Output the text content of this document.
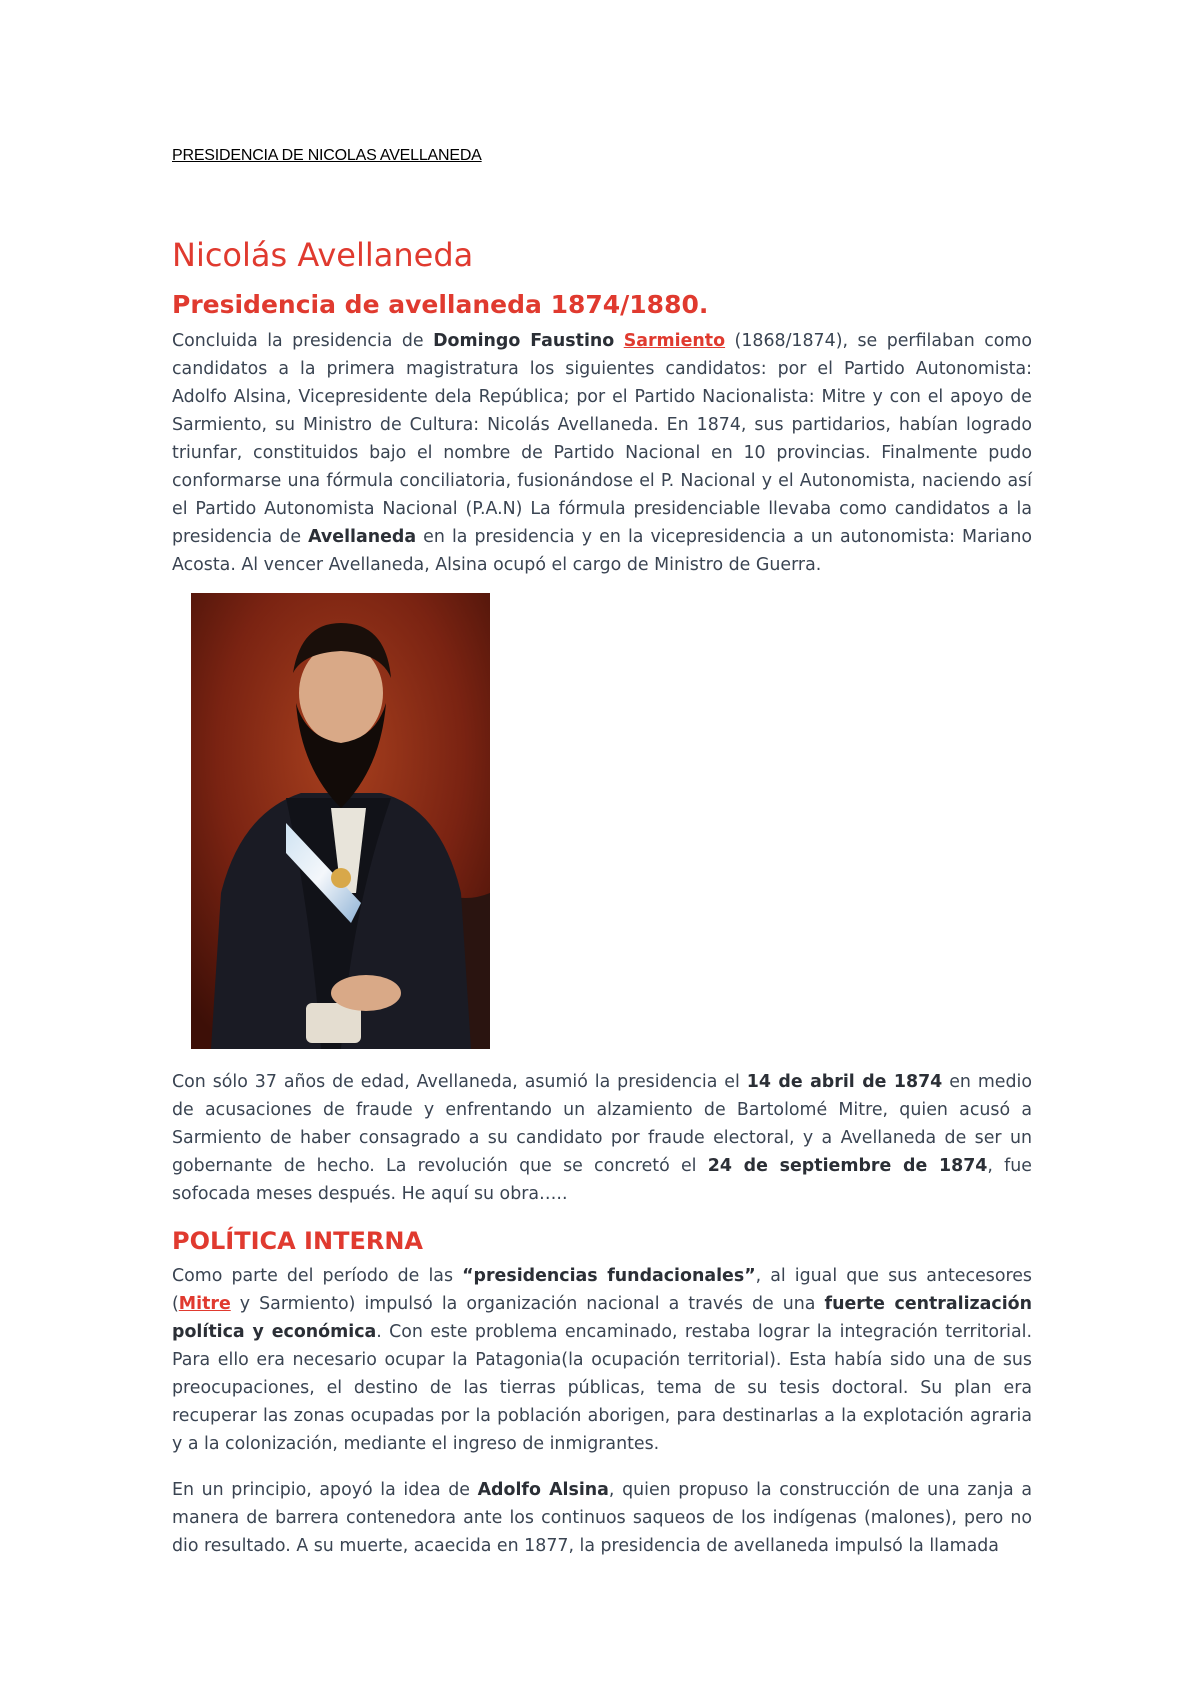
PRESIDENCIA DE NICOLAS AVELLANEDA
Nicolás Avellaneda
Presidencia de avellaneda 1874/1880.

Concluida la presidencia de Domingo Faustino Sarmiento (1868/1874), se perfilaban como candidatos a la primera magistratura los siguientes candidatos: por el Partido Autonomista: Adolfo Alsina, Vicepresidente dela República; por el Partido Nacionalista: Mitre y con el apoyo de Sarmiento, su Ministro de Cultura: Nicolás Avellaneda. En 1874, sus partidarios, habían logrado triunfar, constituidos bajo el nombre de Partido Nacional en 10 provincias. Finalmente pudo conformarse una fórmula conciliatoria, fusionándose el P. Nacional y el Autonomista, naciendo así el Partido Autonomista Nacional (P.A.N) La fórmula presidenciable llevaba como candidatos a la presidencia de Avellaneda en la presidencia y en la vicepresidencia a un autonomista: Mariano Acosta. Al vencer Avellaneda, Alsina ocupó el cargo de Ministro de Guerra.

Con sólo 37 años de edad, Avellaneda, asumió la presidencia el 14 de abril de 1874 en medio de acusaciones de fraude y enfrentando un alzamiento de Bartolomé Mitre, quien acusó a Sarmiento de haber consagrado a su candidato por fraude electoral, y a Avellaneda de ser un gobernante de hecho. La revolución que se concretó el 24 de septiembre de 1874, fue sofocada meses después. He aquí su obra…..

POLÍTICA INTERNA

Como parte del período de las “presidencias fundacionales”, al igual que sus antecesores (Mitre y Sarmiento) impulsó la organización nacional a través de una fuerte centralización política y económica. Con este problema encaminado, restaba lograr la integración territorial. Para ello era necesario ocupar la Patagonia(la ocupación territorial). Esta había sido una de sus preocupaciones, el destino de las tierras públicas, tema de su tesis doctoral. Su plan era recuperar las zonas ocupadas por la población aborigen, para destinarlas a la explotación agraria y a la colonización, mediante el ingreso de inmigrantes.

En un principio, apoyó la idea de Adolfo Alsina, quien propuso la construcción de una zanja a manera de barrera contenedora ante los continuos saqueos de los indígenas (malones), pero no dio resultado. A su muerte, acaecida en 1877, la presidencia de avellaneda impulsó la llamada
